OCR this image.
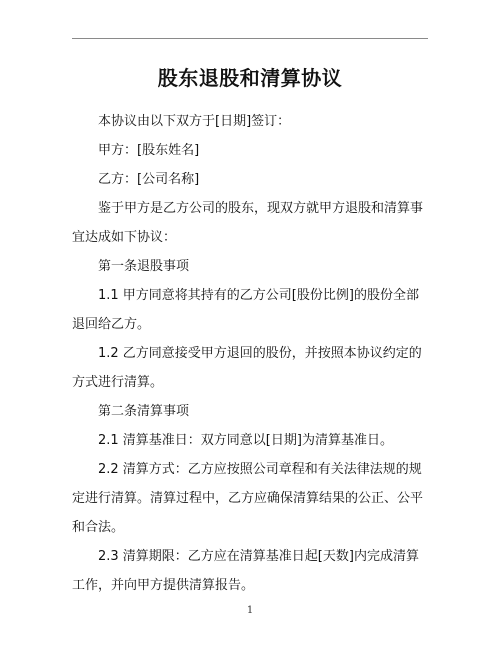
股东退股和清算协议

本协议由以下双方于[日期]签订：

甲方：[股东姓名]

乙方：[公司名称]

鉴于甲方是乙方公司的股东，现双方就甲方退股和清算事宜达成如下协议：

第一条退股事项

1.1 甲方同意将其持有的乙方公司[股份比例]的股份全部退回给乙方。

1.2 乙方同意接受甲方退回的股份，并按照本协议约定的方式进行清算。

第二条清算事项

2.1 清算基准日：双方同意以[日期]为清算基准日。

2.2 清算方式：乙方应按照公司章程和有关法律法规的规定进行清算。清算过程中，乙方应确保清算结果的公正、公平和合法。

2.3 清算期限：乙方应在清算基准日起[天数]内完成清算工作，并向甲方提供清算报告。

1
